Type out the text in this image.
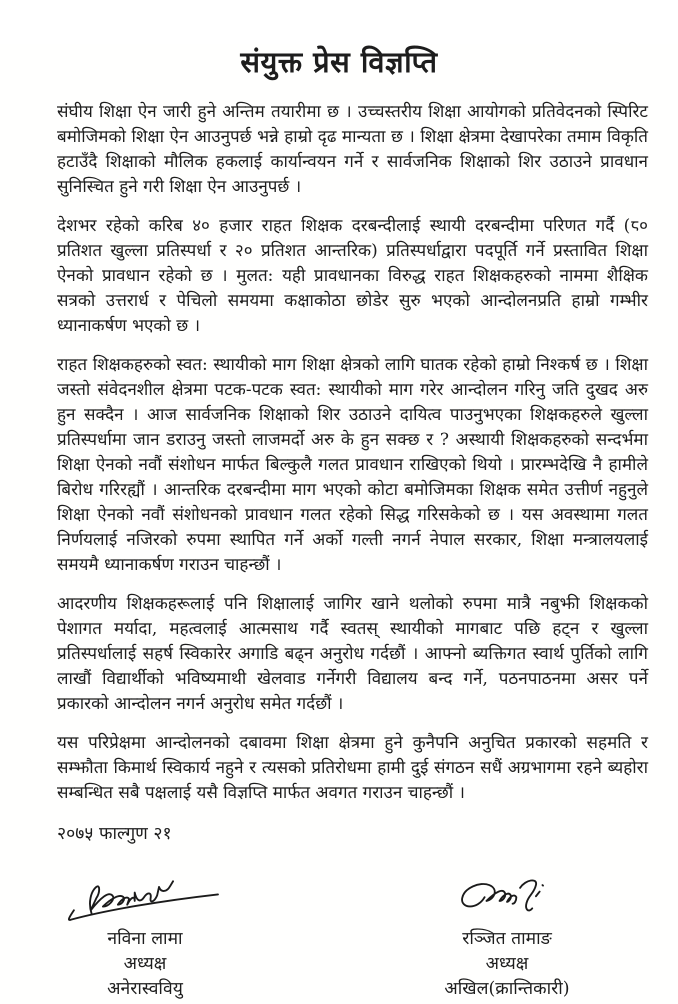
संयुक्त प्रेस विज्ञप्ति

संघीय शिक्षा ऐन जारी हुने अन्तिम तयारीमा छ । उच्चस्तरीय शिक्षा आयोगको प्रतिवेदनको स्पिरिट बमोजिमको शिक्षा ऐन आउनुपर्छ भन्ने हाम्रो दृढ मान्यता छ । शिक्षा क्षेत्रमा देखापरेका तमाम विकृति हटाउँदै शिक्षाको मौलिक हकलाई कार्यान्वयन गर्ने र सार्वजनिक शिक्षाको शिर उठाउने प्रावधान सुनिस्चित हुने गरी शिक्षा ऐन आउनुपर्छ ।

देशभर रहेको करिब ४० हजार राहत शिक्षक दरबन्दीलाई स्थायी दरबन्दीमा परिणत गर्दै (८० प्रतिशत खुल्ला प्रतिस्पर्धा र २० प्रतिशत आन्तरिक) प्रतिस्पर्धाद्वारा पदपूर्ति गर्ने प्रस्तावित शिक्षा ऐनको प्रावधान रहेको छ । मुलत: यही प्रावधानका विरुद्ध राहत शिक्षकहरुको नाममा शैक्षिक सत्रको उत्तरार्ध र पेचिलो समयमा कक्षाकोठा छोडेर सुरु भएको आन्दोलनप्रति हाम्रो गम्भीर ध्यानाकर्षण भएको छ ।

राहत शिक्षकहरुको स्वत: स्थायीको माग शिक्षा क्षेत्रको लागि घातक रहेको हाम्रो निश्कर्ष छ । शिक्षा जस्तो संवेदनशील क्षेत्रमा पटक-पटक स्वत: स्थायीको माग गरेर आन्दोलन गरिनु जति दुखद अरु हुन सक्दैन । आज सार्वजनिक शिक्षाको शिर उठाउने दायित्व पाउनुभएका शिक्षकहरुले खुल्ला प्रतिस्पर्धामा जान डराउनु जस्तो लाजमर्दो अरु के हुन सक्छ र ? अस्थायी शिक्षकहरुको सन्दर्भमा शिक्षा ऐनको नवौं संशोधन मार्फत बिल्कुलै गलत प्रावधान राखिएको थियो । प्रारम्भदेखि नै हामीले बिरोध गरिरह्यौं । आन्तरिक दरबन्दीमा माग भएको कोटा बमोजिमका शिक्षक समेत उत्तीर्ण नहुनुले शिक्षा ऐनको नवौं संशोधनको प्रावधान गलत रहेको सिद्ध गरिसकेको छ । यस अवस्थामा गलत निर्णयलाई नजिरको रुपमा स्थापित गर्ने अर्को गल्ती नगर्न नेपाल सरकार, शिक्षा मन्त्रालयलाई समयमै ध्यानाकर्षण गराउन चाहन्छौं ।

आदरणीय शिक्षकहरूलाई पनि शिक्षालाई जागिर खाने थलोको रुपमा मात्रै नबुझी शिक्षकको पेशागत मर्यादा, महत्वलाई आत्मसाथ गर्दै स्वतस् स्थायीको मागबाट पछि हट्न र खुल्ला प्रतिस्पर्धालाई सहर्ष स्विकारेर अगाडि बढ्न अनुरोध गर्दछौं । आफ्नो ब्यक्तिगत स्वार्थ पुर्तिको लागि लाखौं विद्यार्थीको भविष्यमाथी खेलवाड गर्नेगरी विद्यालय बन्द गर्ने, पठनपाठनमा असर पर्ने प्रकारको आन्दोलन नगर्न अनुरोध समेत गर्दछौं ।

यस परिप्रेक्षमा आन्दोलनको दबावमा शिक्षा क्षेत्रमा हुने कुनैपनि अनुचित प्रकारको सहमति र सम्झौता किमार्थ स्विकार्य नहुने र त्यसको प्रतिरोधमा हामी दुई संगठन सधैं अग्रभागमा रहने ब्यहोरा सम्बन्धित सबै पक्षलाई यसै विज्ञप्ति मार्फत अवगत गराउन चाहन्छौं ।

२०७५ फाल्गुण २१

नविना लामा

अध्यक्ष

अनेरास्ववियु

रञ्जित तामाङ

अध्यक्ष

अखिल(क्रान्तिकारी)
